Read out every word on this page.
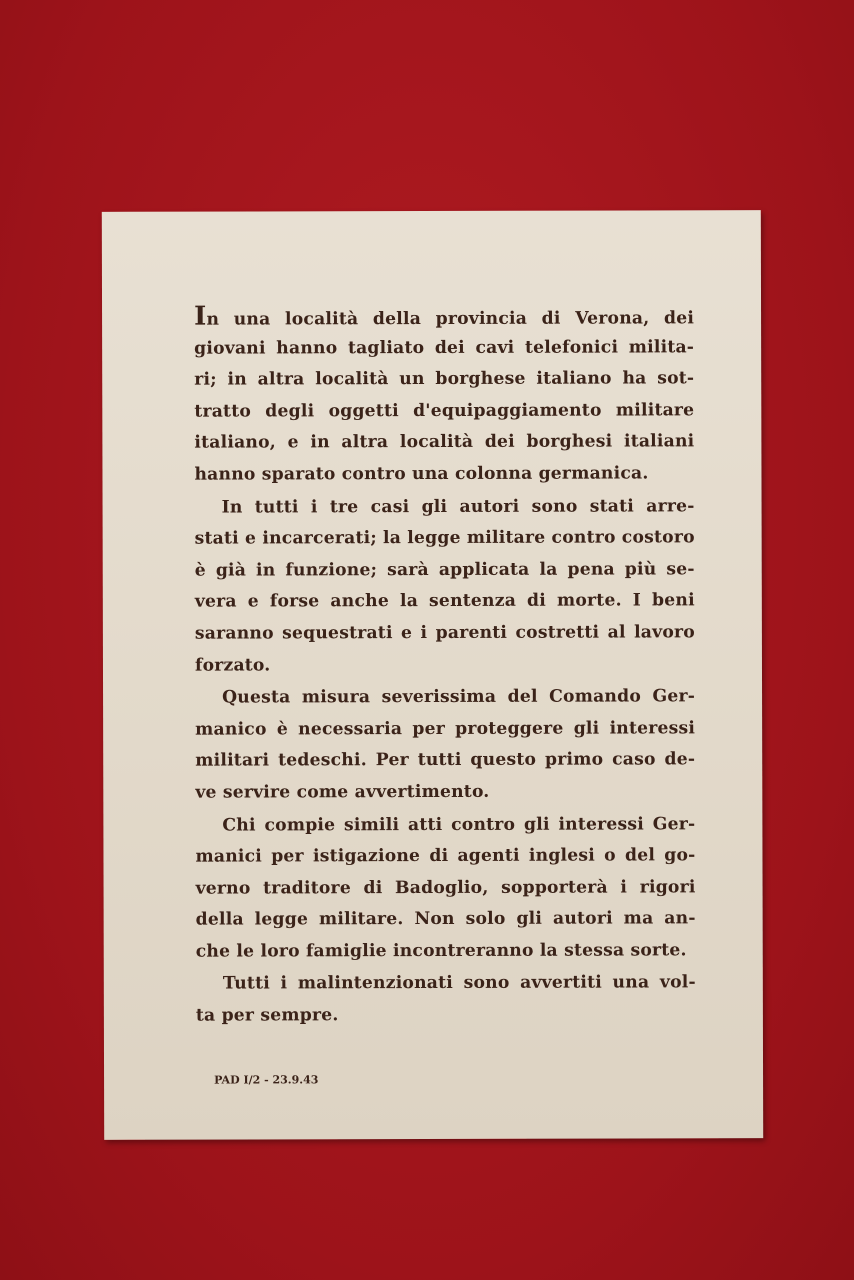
In una località della provincia di Verona, dei
giovani hanno tagliato dei cavi telefonici milita-
ri; in altra località un borghese italiano ha sot-
tratto degli oggetti d'equipaggiamento militare
italiano, e in altra località dei borghesi italiani
hanno sparato contro una colonna germanica.
In tutti i tre casi gli autori sono stati arre-
stati e incarcerati; la legge militare contro costoro
è già in funzione; sarà applicata la pena più se-
vera e forse anche la sentenza di morte. I beni
saranno sequestrati e i parenti costretti al lavoro
forzato.
Questa misura severissima del Comando Ger-
manico è necessaria per proteggere gli interessi
militari tedeschi. Per tutti questo primo caso de-
ve servire come avvertimento.
Chi compie simili atti contro gli interessi Ger-
manici per istigazione di agenti inglesi o del go-
verno traditore di Badoglio, sopporterà i rigori
della legge militare. Non solo gli autori ma an-
che le loro famiglie incontreranno la stessa sorte.
Tutti i malintenzionati sono avvertiti una vol-
ta per sempre.
PAD I/2 - 23.9.43
